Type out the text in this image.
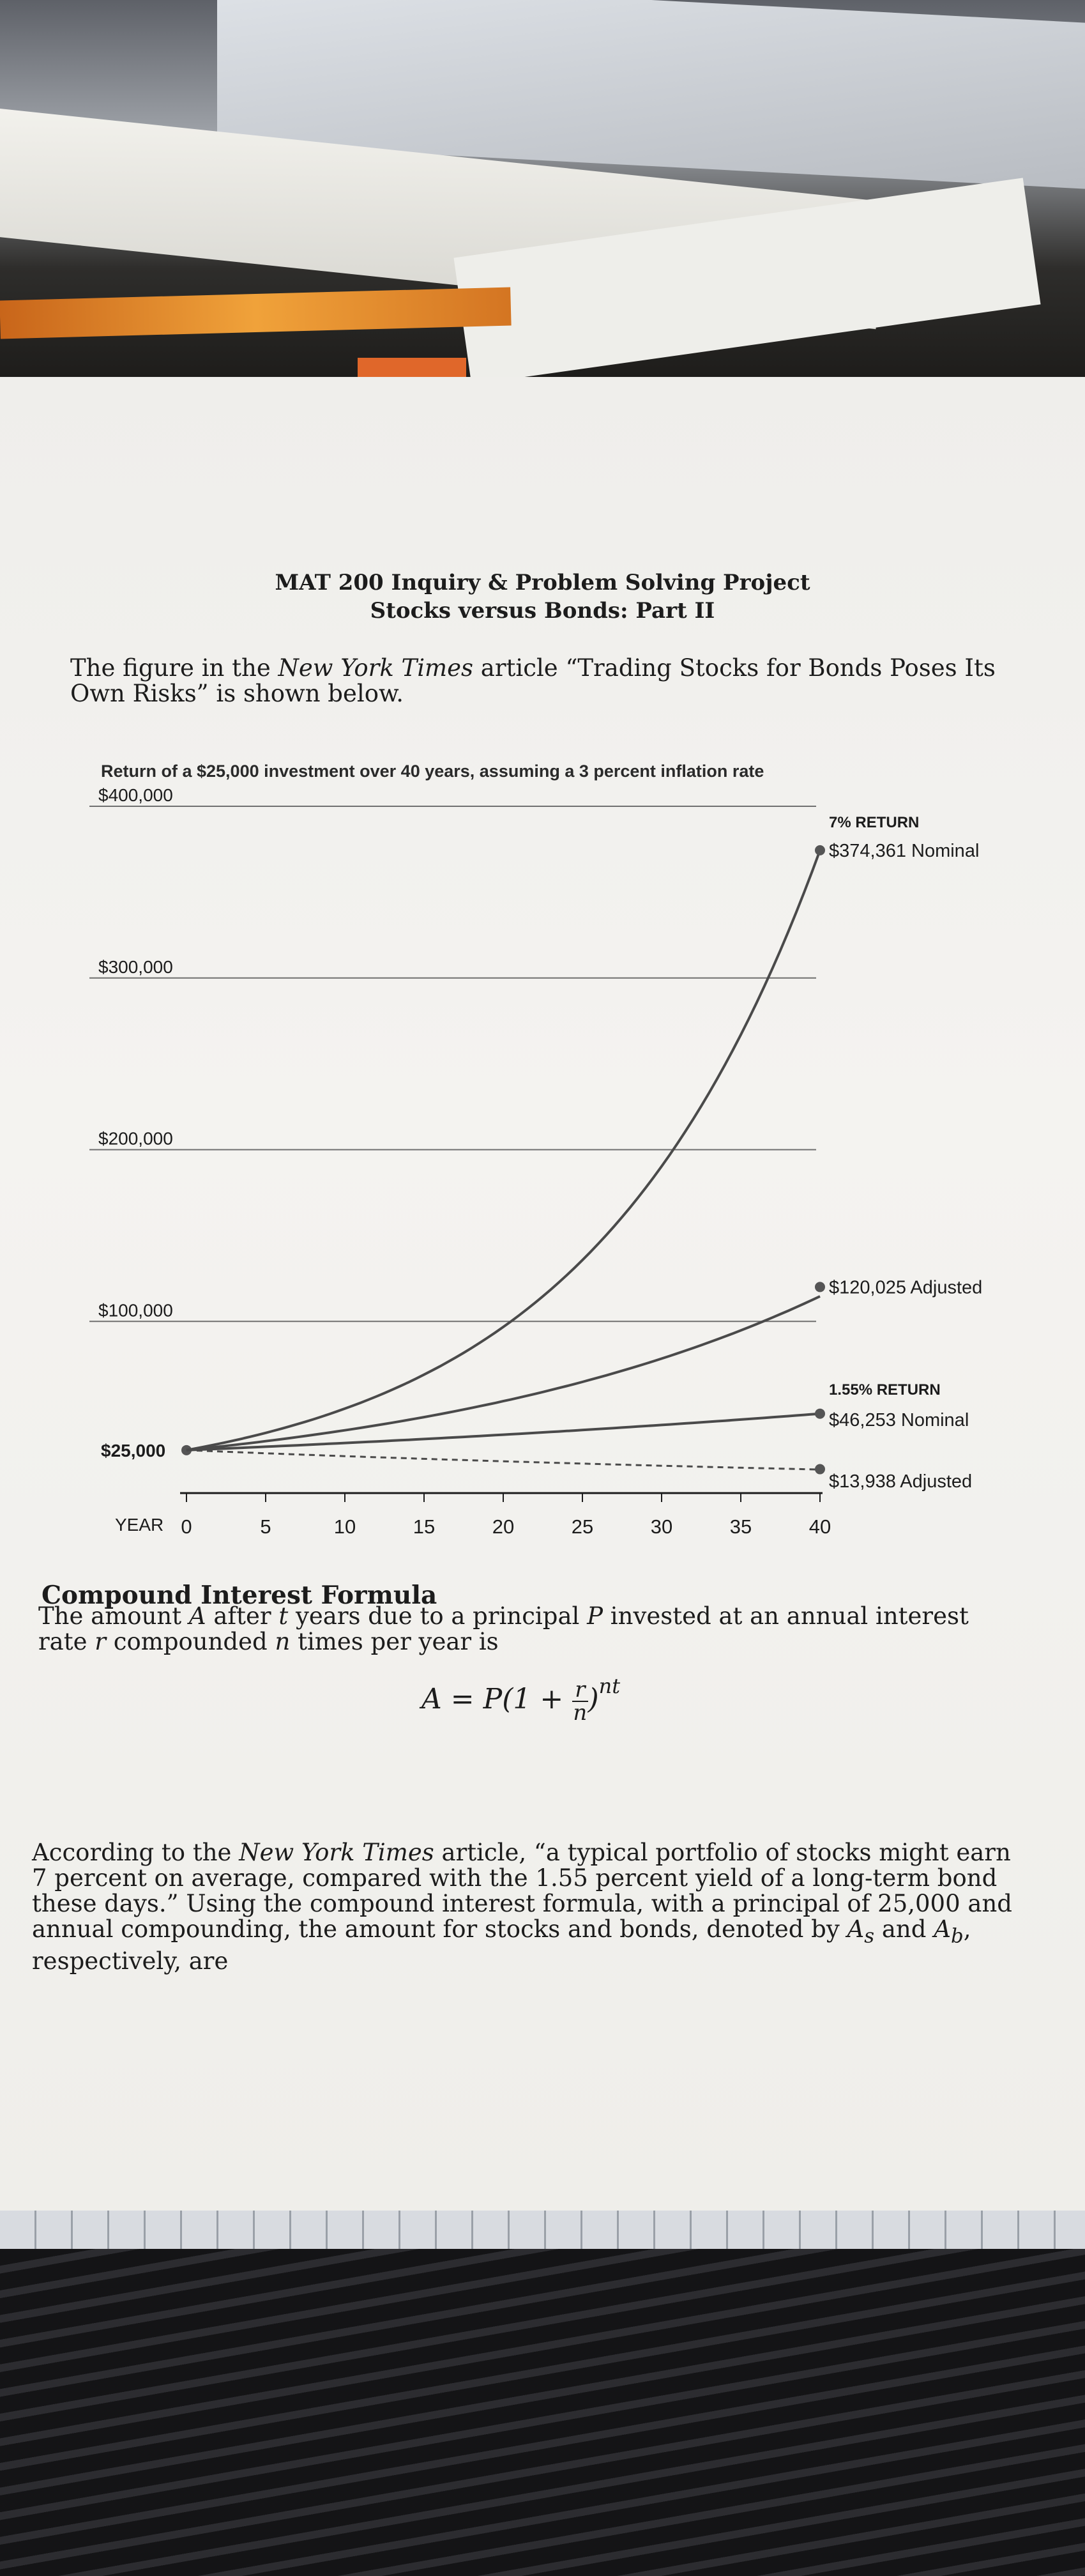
MAT 200 Inquiry & Problem Solving Project
Stocks versus Bonds: Part II

The figure in the New York Times article “Trading Stocks for Bonds Poses Its Own Risks” is shown below.

Return of a $25,000 investment over 40 years, assuming a 3 percent inflation rate
$100,000
$200,000
$300,000
$400,000
$25,000
7% RETURN
$374,361 Nominal
$120,025 Adjusted
1.55% RETURN
$46,253 Nominal
$13,938 Adjusted
YEAR 0	5	10	15	20	25	30	35	40
Compound Interest Formula

The amount A after t years due to a principal P invested at an annual interest rate r compounded n times per year is

$A = P(1 + \frac{r}{n} )^{nt}$

According to the New York Times article, “a typical portfolio of stocks might earn 7 percent on average, compared with the 1.55 percent yield of a long-term bond these days.” Using the compound interest formula, with a principal of 25,000 and annual compounding, the amount for stocks and bonds, denoted by $A_s$ and $A_b$, respectively, are
